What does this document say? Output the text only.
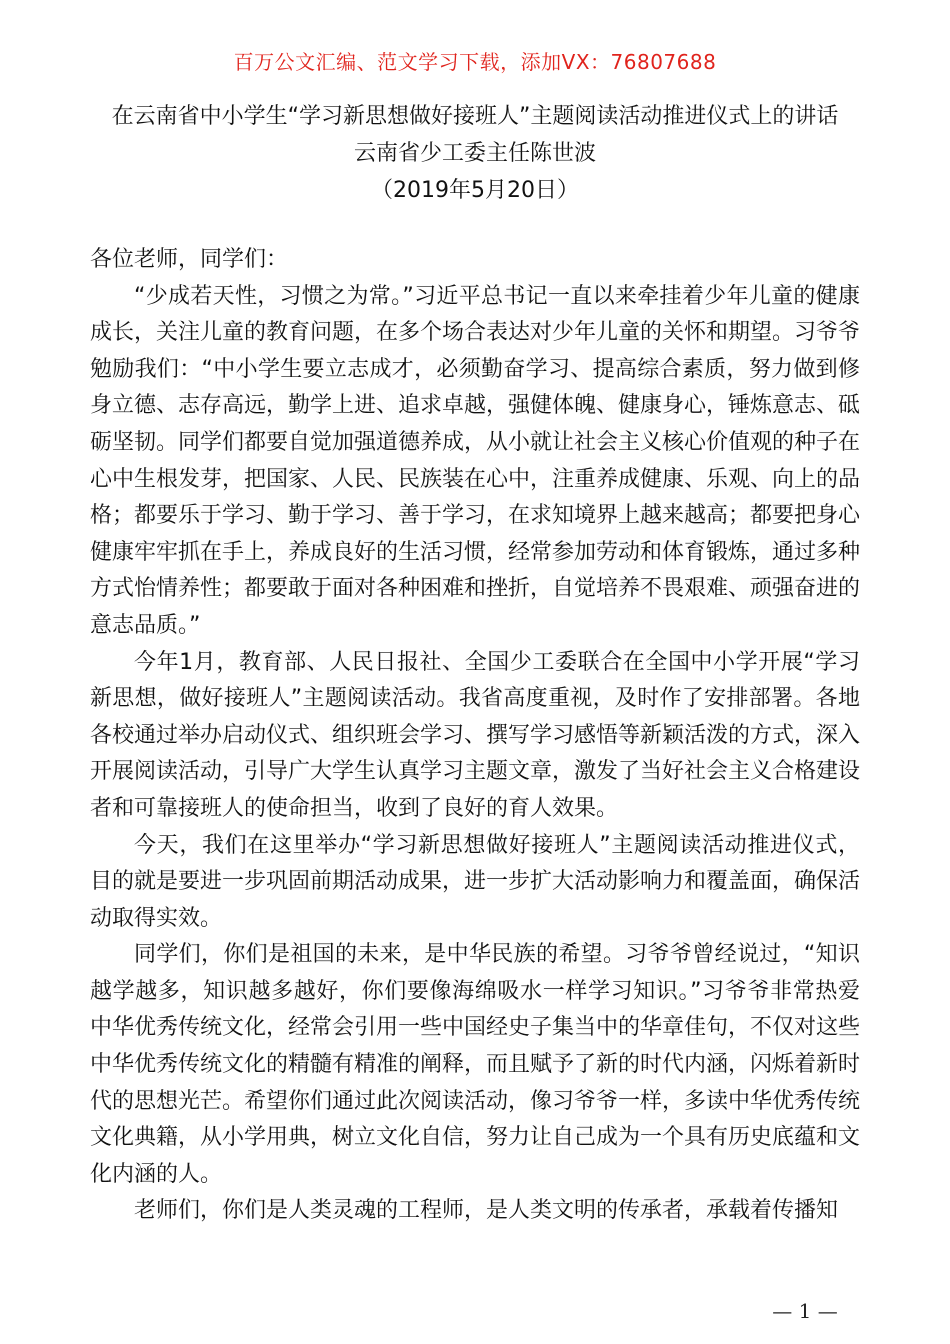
百万公文汇编、范文学习下载，添加VX：76807688
在云南省中小学生“学习新思想做好接班人”主题阅读活动推进仪式上的讲话
云南省少工委主任陈世波
（2019年5月20日）

各位老师，同学们：

“少成若天性，习惯之为常。”习近平总书记一直以来牵挂着少年儿童的健康成长，关注儿童的教育问题，在多个场合表达对少年儿童的关怀和期望。习爷爷勉励我们：“中小学生要立志成才，必须勤奋学习、提高综合素质，努力做到修身立德、志存高远，勤学上进、追求卓越，强健体魄、健康身心，锤炼意志、砥砺坚韧。同学们都要自觉加强道德养成，从小就让社会主义核心价值观的种子在心中生根发芽，把国家、人民、民族装在心中，注重养成健康、乐观、向上的品格；都要乐于学习、勤于学习、善于学习，在求知境界上越来越高；都要把身心健康牢牢抓在手上，养成良好的生活习惯，经常参加劳动和体育锻炼，通过多种方式怡情养性；都要敢于面对各种困难和挫折，自觉培养不畏艰难、顽强奋进的意志品质。”

今年1月，教育部、人民日报社、全国少工委联合在全国中小学开展“学习新思想，做好接班人”主题阅读活动。我省高度重视，及时作了安排部署。各地各校通过举办启动仪式、组织班会学习、撰写学习感悟等新颖活泼的方式，深入开展阅读活动，引导广大学生认真学习主题文章，激发了当好社会主义合格建设者和可靠接班人的使命担当，收到了良好的育人效果。

今天，我们在这里举办“学习新思想做好接班人”主题阅读活动推进仪式，目的就是要进一步巩固前期活动成果，进一步扩大活动影响力和覆盖面，确保活动取得实效。

同学们，你们是祖国的未来，是中华民族的希望。习爷爷曾经说过，“知识越学越多，知识越多越好，你们要像海绵吸水一样学习知识。”习爷爷非常热爱中华优秀传统文化，经常会引用一些中国经史子集当中的华章佳句，不仅对这些中华优秀传统文化的精髓有精准的阐释，而且赋予了新的时代内涵，闪烁着新时代的思想光芒。希望你们通过此次阅读活动，像习爷爷一样，多读中华优秀传统文化典籍，从小学用典，树立文化自信，努力让自己成为一个具有历史底蕴和文化内涵的人。

老师们，你们是人类灵魂的工程师，是人类文明的传承者，承载着传播知

— 1 —
